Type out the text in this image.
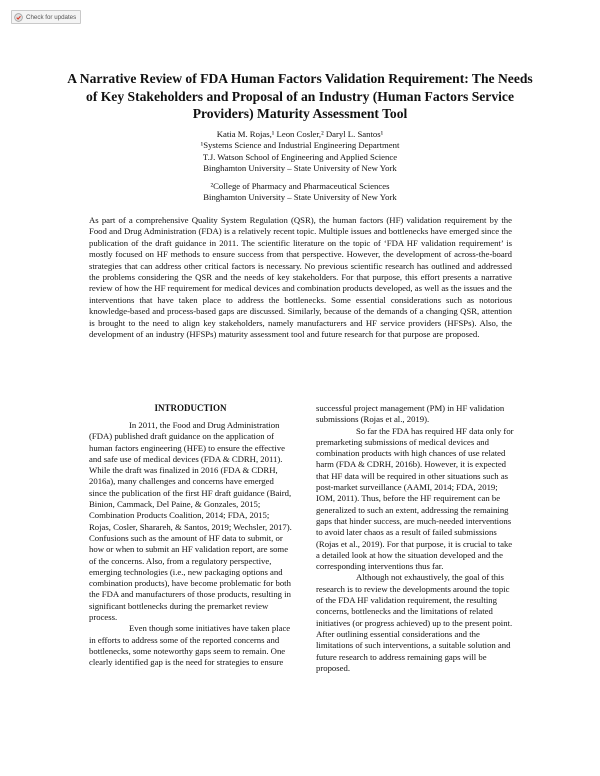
Check for updates
A Narrative Review of FDA Human Factors Validation Requirement: The Needs of Key Stakeholders and Proposal of an Industry (Human Factors Service Providers) Maturity Assessment Tool
Katia M. Rojas,¹ Leon Cosler,² Daryl L. Santos¹
¹Systems Science and Industrial Engineering Department
T.J. Watson School of Engineering and Applied Science
Binghamton University – State University of New York
²College of Pharmacy and Pharmaceutical Sciences
Binghamton University – State University of New York

As part of a comprehensive Quality System Regulation (QSR), the human factors (HF) validation requirement by the Food and Drug Administration (FDA) is a relatively recent topic. Multiple issues and bottlenecks have emerged since the publication of the draft guidance in 2011. The scientific literature on the topic of ‘FDA HF validation requirement’ is mostly focused on HF methods to ensure success from that perspective. However, the development of across-the-board strategies that can address other critical factors is necessary. No previous scientific research has outlined and addressed the problems considering the QSR and the needs of key stakeholders. For that purpose, this effort presents a narrative review of how the HF requirement for medical devices and combination products developed, as well as the issues and the interventions that have taken place to address the bottlenecks. Some essential considerations such as notorious knowledge-based and process-based gaps are discussed. Similarly, because of the demands of a changing QSR, attention is brought to the need to align key stakeholders, namely manufacturers and HF service providers (HFSPs). Also, the development of an industry (HFSPs) maturity assessment tool and future research for that purpose are proposed.

INTRODUCTION

In 2011, the Food and Drug Administration (FDA) published draft guidance on the application of human factors engineering (HFE) to ensure the effective and safe use of medical devices (FDA & CDRH, 2011). While the draft was finalized in 2016 (FDA & CDRH, 2016a), many challenges and concerns have emerged since the publication of the first HF draft guidance (Baird, Binion, Cammack, Del Paine, & Gonzales, 2015; Combination Products Coalition, 2014; FDA, 2015; Rojas, Cosler, Sharareh, & Santos, 2019; Wechsler, 2017). Confusions such as the amount of HF data to submit, or how or when to submit an HF validation report, are some of the concerns. Also, from a regulatory perspective, emerging technologies (i.e., new packaging options and combination products), have become problematic for both the FDA and manufacturers of those products, resulting in significant bottlenecks during the premarket review process.

Even though some initiatives have taken place in efforts to address some of the reported concerns and bottlenecks, some noteworthy gaps seem to remain. One clearly identified gap is the need for strategies to ensure

successful project management (PM) in HF validation submissions (Rojas et al., 2019).

So far the FDA has required HF data only for premarketing submissions of medical devices and combination products with high chances of use related harm (FDA & CDRH, 2016b). However, it is expected that HF data will be required in other situations such as post-market surveillance (AAMI, 2014; FDA, 2019; IOM, 2011). Thus, before the HF requirement can be generalized to such an extent, addressing the remaining gaps that hinder success, are much-needed interventions to avoid later chaos as a result of failed submissions (Rojas et al., 2019). For that purpose, it is crucial to take a detailed look at how the situation developed and the corresponding interventions thus far.

Although not exhaustively, the goal of this research is to review the developments around the topic of the FDA HF validation requirement, the resulting concerns, bottlenecks and the limitations of related initiatives (or progress achieved) up to the present point. After outlining essential considerations and the limitations of such interventions, a suitable solution and future research to address remaining gaps will be proposed.
